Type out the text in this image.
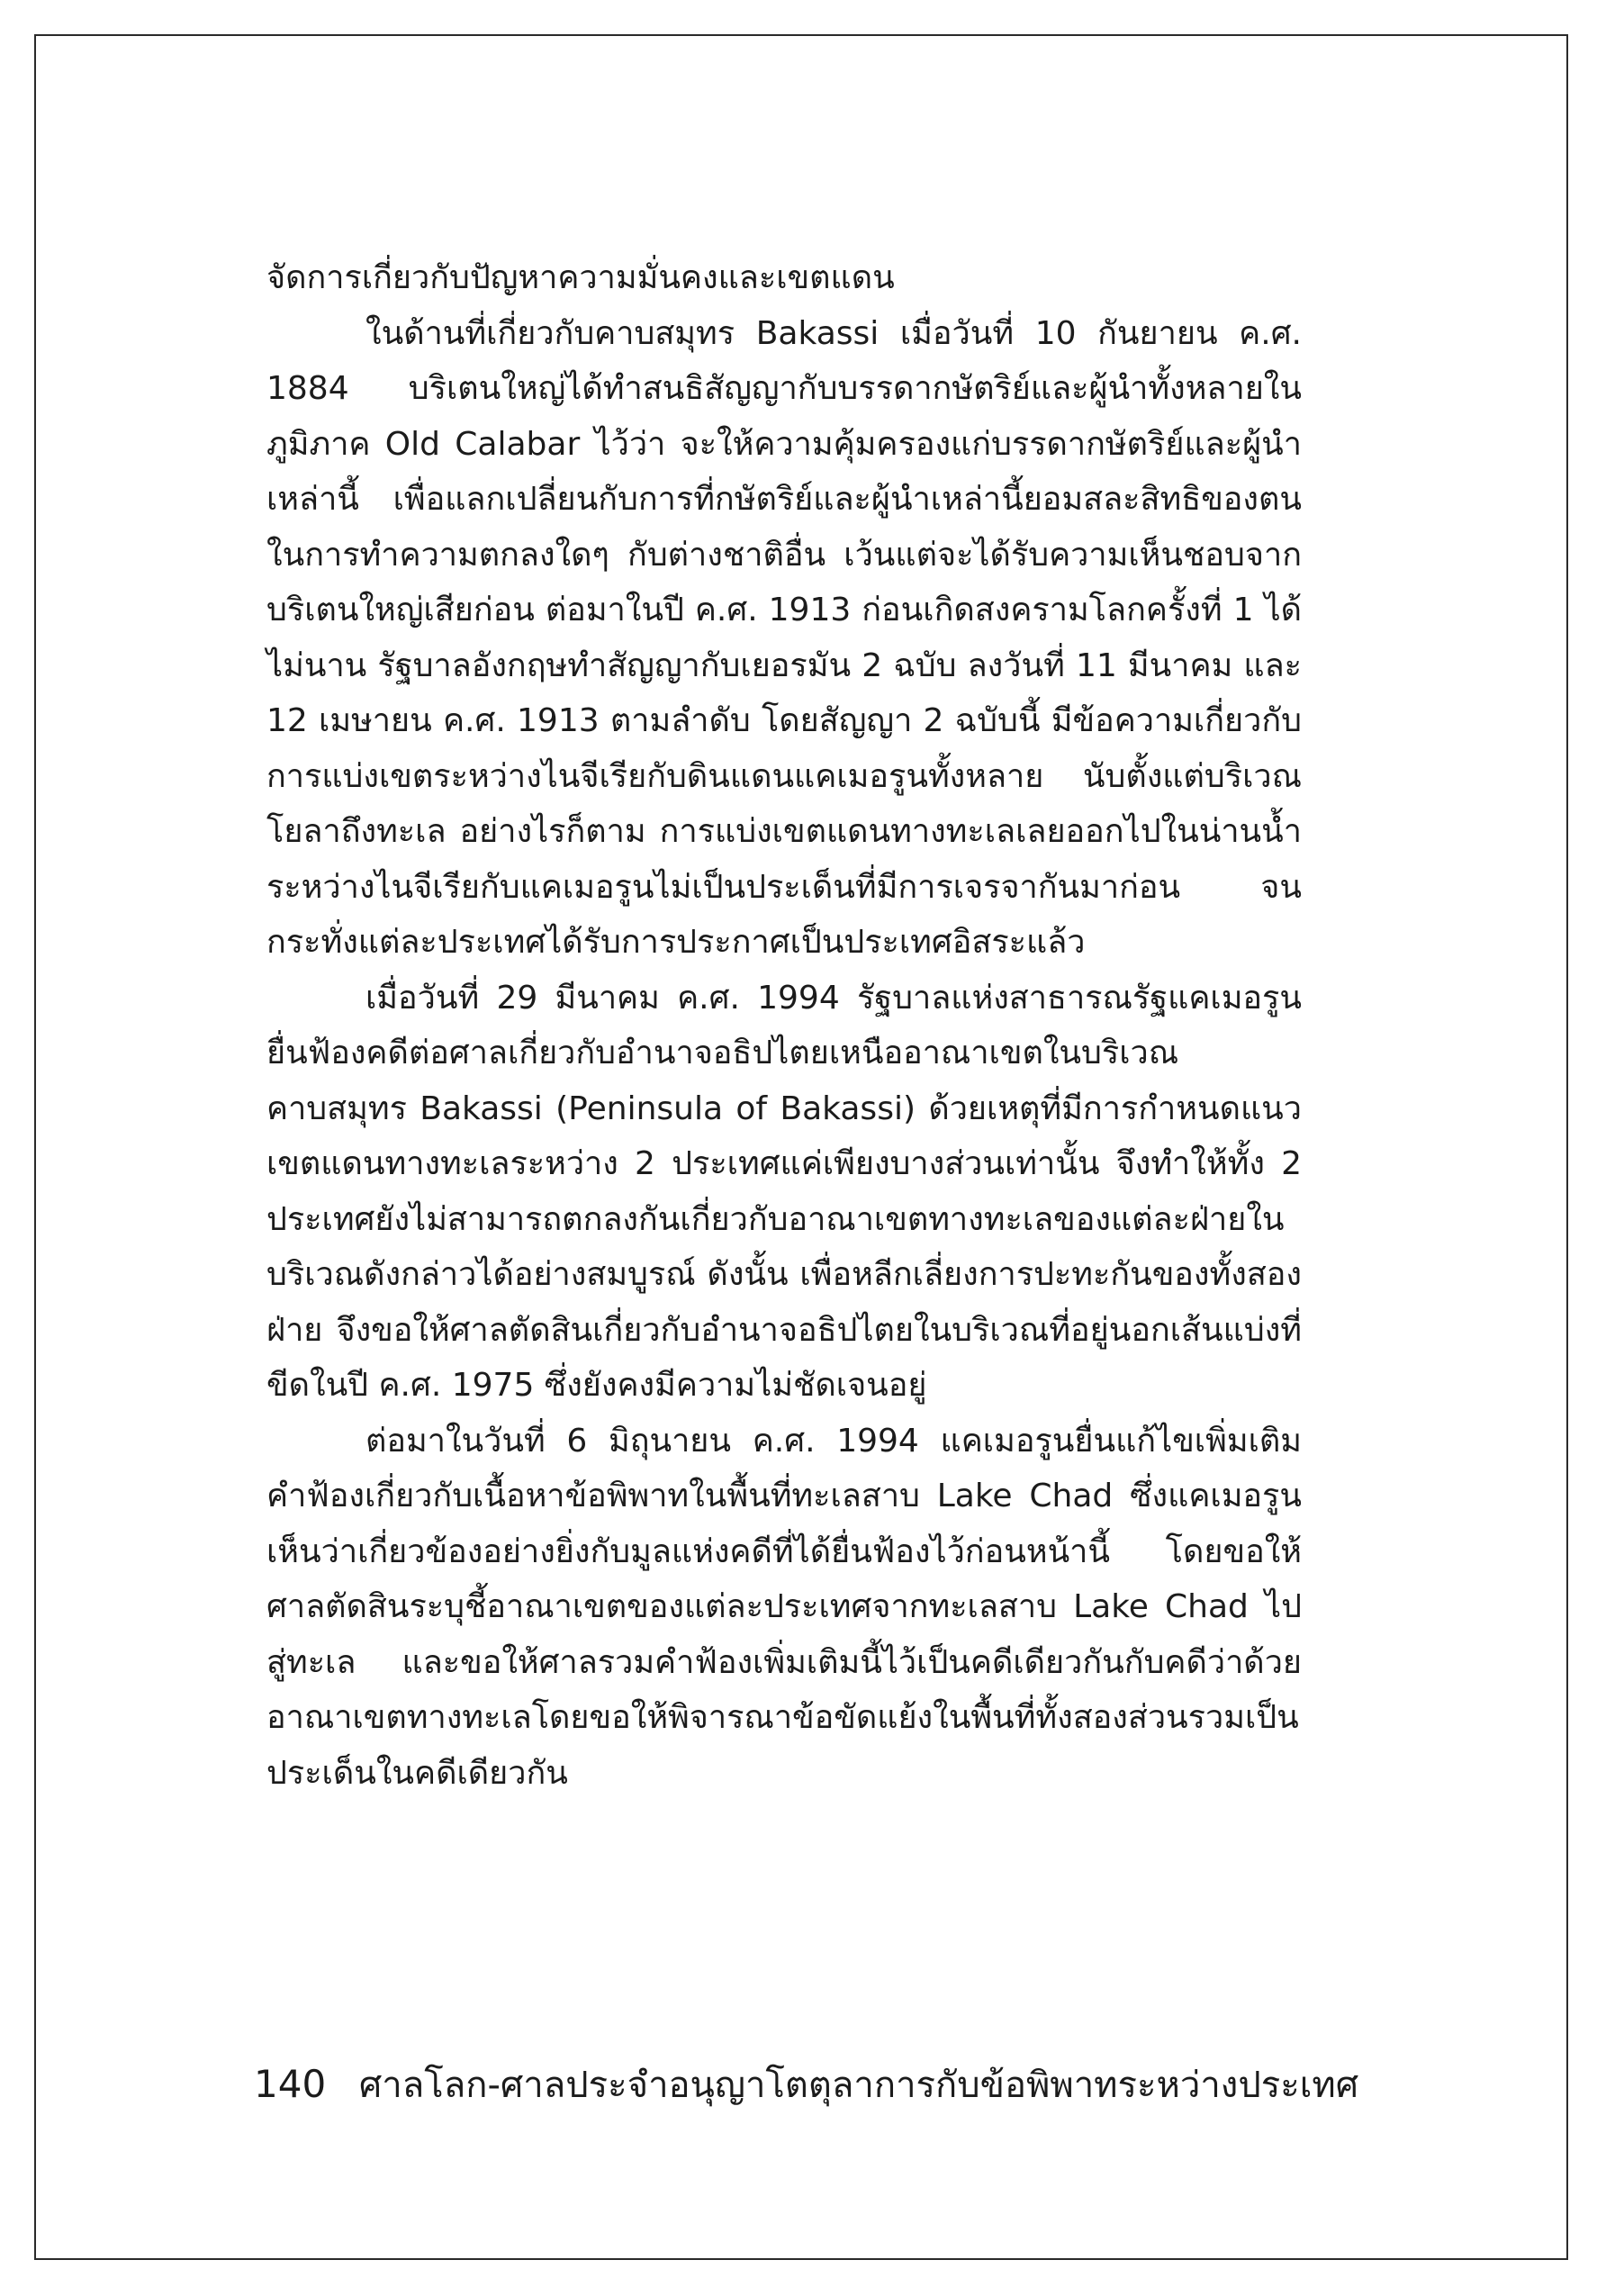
จัดการเกี่ยวกับปัญหาความมั่นคงและเขตแดน

ในด้านที่เกี่ยวกับคาบสมุทร Bakassi เมื่อวันที่ 10 กันยายน ค.ศ. 1884 บริเตนใหญ่ได้ทำสนธิสัญญากับบรรดากษัตริย์และผู้นำทั้งหลายในภูมิภาค Old Calabar ไว้ว่า จะให้ความคุ้มครองแก่บรรดากษัตริย์และผู้นำเหล่านี้ เพื่อแลกเปลี่ยนกับการที่กษัตริย์และผู้นำเหล่านี้ยอมสละสิทธิของตนในการทำความตกลงใดๆ กับต่างชาติอื่น เว้นแต่จะได้รับความเห็นชอบจากบริเตนใหญ่เสียก่อน ต่อมาในปี ค.ศ. 1913 ก่อนเกิดสงครามโลกครั้งที่ 1 ได้ไม่นาน รัฐบาลอังกฤษทำสัญญากับเยอรมัน 2 ฉบับ ลงวันที่ 11 มีนาคม และ 12 เมษายน ค.ศ. 1913 ตามลำดับ โดยสัญญา 2 ฉบับนี้ มีข้อความเกี่ยวกับการแบ่งเขตระหว่างไนจีเรียกับดินแดนแคเมอรูนทั้งหลาย นับตั้งแต่บริเวณโยลาถึงทะเล อย่างไรก็ตาม การแบ่งเขตแดนทางทะเลเลยออกไปในน่านน้ำระหว่างไนจีเรียกับแคเมอรูนไม่เป็นประเด็นที่มีการเจรจากันมาก่อน จนกระทั่งแต่ละประเทศได้รับการประกาศเป็นประเทศอิสระแล้ว

เมื่อวันที่ 29 มีนาคม ค.ศ. 1994 รัฐบาลแห่งสาธารณรัฐแคเมอรูนยื่นฟ้องคดีต่อศาลเกี่ยวกับอำนาจอธิปไตยเหนืออาณาเขตในบริเวณคาบสมุทร Bakassi (Peninsula of Bakassi) ด้วยเหตุที่มีการกำหนดแนวเขตแดนทางทะเลระหว่าง 2 ประเทศแค่เพียงบางส่วนเท่านั้น จึงทำให้ทั้ง 2 ประเทศยังไม่สามารถตกลงกันเกี่ยวกับอาณาเขตทางทะเลของแต่ละฝ่ายในบริเวณดังกล่าวได้อย่างสมบูรณ์ ดังนั้น เพื่อหลีกเลี่ยงการปะทะกันของทั้งสองฝ่าย จึงขอให้ศาลตัดสินเกี่ยวกับอำนาจอธิปไตยในบริเวณที่อยู่นอกเส้นแบ่งที่ขีดในปี ค.ศ. 1975 ซึ่งยังคงมีความไม่ชัดเจนอยู่

ต่อมาในวันที่ 6 มิถุนายน ค.ศ. 1994 แคเมอรูนยื่นแก้ไขเพิ่มเติมคำฟ้องเกี่ยวกับเนื้อหาข้อพิพาทในพื้นที่ทะเลสาบ Lake Chad ซึ่งแคเมอรูนเห็นว่าเกี่ยวข้องอย่างยิ่งกับมูลแห่งคดีที่ได้ยื่นฟ้องไว้ก่อนหน้านี้ โดยขอให้ศาลตัดสินระบุชี้อาณาเขตของแต่ละประเทศจากทะเลสาบ Lake Chad ไปสู่ทะเล และขอให้ศาลรวมคำฟ้องเพิ่มเติมนี้ไว้เป็นคดีเดียวกันกับคดีว่าด้วยอาณาเขตทางทะเลโดยขอให้พิจารณาข้อขัดแย้งในพื้นที่ทั้งสองส่วนรวมเป็นประเด็นในคดีเดียวกัน

140 ศาลโลก-ศาลประจำอนุญาโตตุลาการกับข้อพิพาทระหว่างประเทศ
